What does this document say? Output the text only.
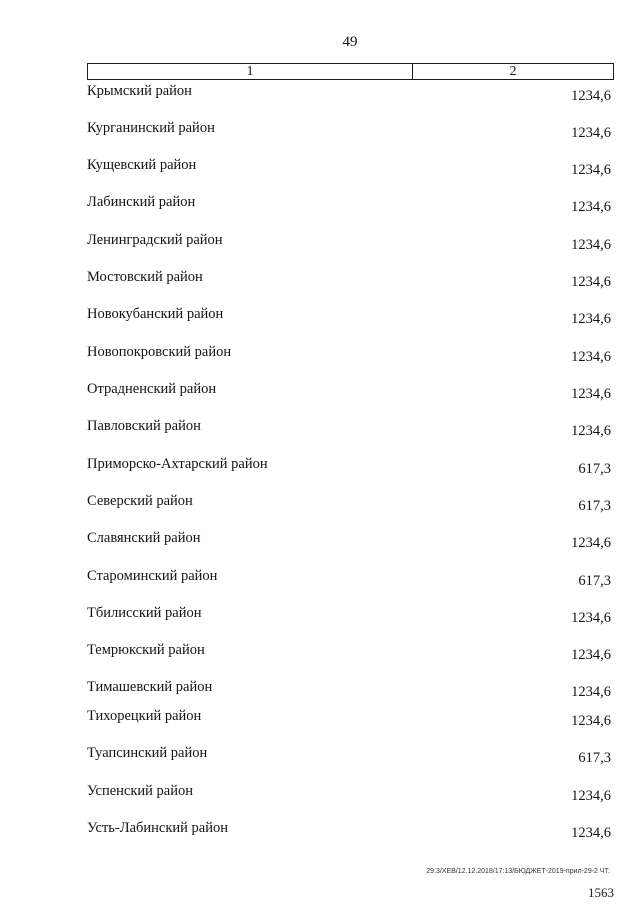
49
1	2
Крымский район	1234,6
Курганинский район	1234,6
Кущевский район	1234,6
Лабинский район	1234,6
Ленинградский район	1234,6
Мостовский район	1234,6
Новокубанский район	1234,6
Новопокровский район	1234,6
Отрадненский район	1234,6
Павловский район	1234,6
Приморско-Ахтарский район	617,3
Северский район	617,3
Славянский район	1234,6
Староминский район	617,3
Тбилисский район	1234,6
Темрюкский район	1234,6
Тимашевский район	1234,6
Тихорецкий район	1234,6
Туапсинский район	617,3
Успенский район	1234,6
Усть-Лабинский район	1234,6
29.3/XEB/12.12.2018/17:13/БЮДЖЕТ-2019-прил-29-2 ЧТ.
1563
